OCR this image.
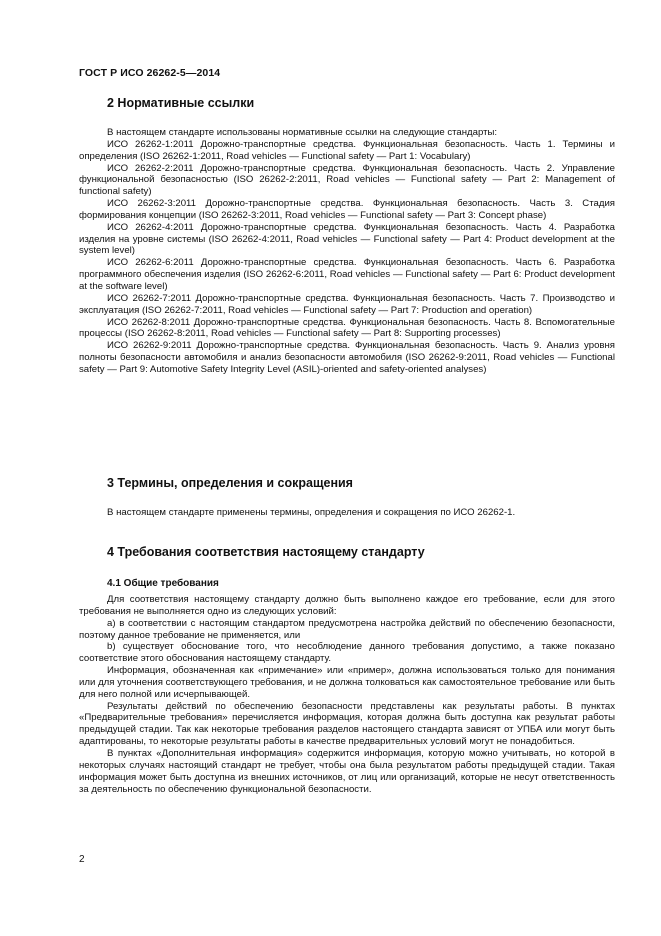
ГОСТ Р ИСО 26262-5—2014
2 Нормативные ссылки

В настоящем стандарте использованы нормативные ссылки на следующие стандарты:

ИСО 26262-1:2011 Дорожно-транспортные средства. Функциональная безопасность. Часть 1. Термины и определения (ISO 26262-1:2011, Road vehicles — Functional safety — Part 1: Vocabulary)

ИСО 26262-2:2011 Дорожно-транспортные средства. Функциональная безопасность. Часть 2. Управление функциональной безопасностью (ISO 26262-2:2011, Road vehicles — Functional safety — Part 2: Management of functional safety)

ИСО 26262-3:2011 Дорожно-транспортные средства. Функциональная безопасность. Часть 3. Стадия формирования концепции (ISO 26262-3:2011, Road vehicles — Functional safety — Part 3: Concept phase)

ИСО 26262-4:2011 Дорожно-транспортные средства. Функциональная безопасность. Часть 4. Разработка изделия на уровне системы (ISO 26262-4:2011, Road vehicles — Functional safety — Part 4: Product development at the system level)

ИСО 26262-6:2011 Дорожно-транспортные средства. Функциональная безопасность. Часть 6. Разработка программного обеспечения изделия (ISO 26262-6:2011, Road vehicles — Functional safety — Part 6: Product development at the software level)

ИСО 26262-7:2011 Дорожно-транспортные средства. Функциональная безопасность. Часть 7. Производство и эксплуатация (ISO 26262-7:2011, Road vehicles — Functional safety — Part 7: Production and operation)

ИСО 26262-8:2011 Дорожно-транспортные средства. Функциональная безопасность. Часть 8. Вспомогательные процессы (ISO 26262-8:2011, Road vehicles — Functional safety — Part 8: Supporting processes)

ИСО 26262-9:2011 Дорожно-транспортные средства. Функциональная безопасность. Часть 9. Анализ уровня полноты безопасности автомобиля и анализ безопасности автомобиля (ISO 26262-9:2011, Road vehicles — Functional safety — Part 9: Automotive Safety Integrity Level (ASIL)-oriented and safety-oriented analyses)

3 Термины, определения и сокращения

В настоящем стандарте применены термины, определения и сокращения по ИСО 26262-1.

4 Требования соответствия настоящему стандарту
4.1 Общие требования

Для соответствия настоящему стандарту должно быть выполнено каждое его требование, если для этого требования не выполняется одно из следующих условий:

a) в соответствии с настоящим стандартом предусмотрена настройка действий по обеспечению безопасности, поэтому данное требование не применяется, или

b) существует обоснование того, что несоблюдение данного требования допустимо, а также показано соответствие этого обоснования настоящему стандарту.

Информация, обозначенная как «примечание» или «пример», должна использоваться только для понимания или для уточнения соответствующего требования, и не должна толковаться как самостоятельное требование или быть для него полной или исчерпывающей.

Результаты действий по обеспечению безопасности представлены как результаты работы. В пунктах «Предварительные требования» перечисляется информация, которая должна быть доступна как результат работы предыдущей стадии. Так как некоторые требования разделов настоящего стандарта зависят от УПБА или могут быть адаптированы, то некоторые результаты работы в качестве предварительных условий могут не понадобиться.

В пунктах «Дополнительная информация» содержится информация, которую можно учитывать, но которой в некоторых случаях настоящий стандарт не требует, чтобы она была результатом работы предыдущей стадии. Такая информация может быть доступна из внешних источников, от лиц или организаций, которые не несут ответственность за деятельность по обеспечению функциональной безопасности.

2
